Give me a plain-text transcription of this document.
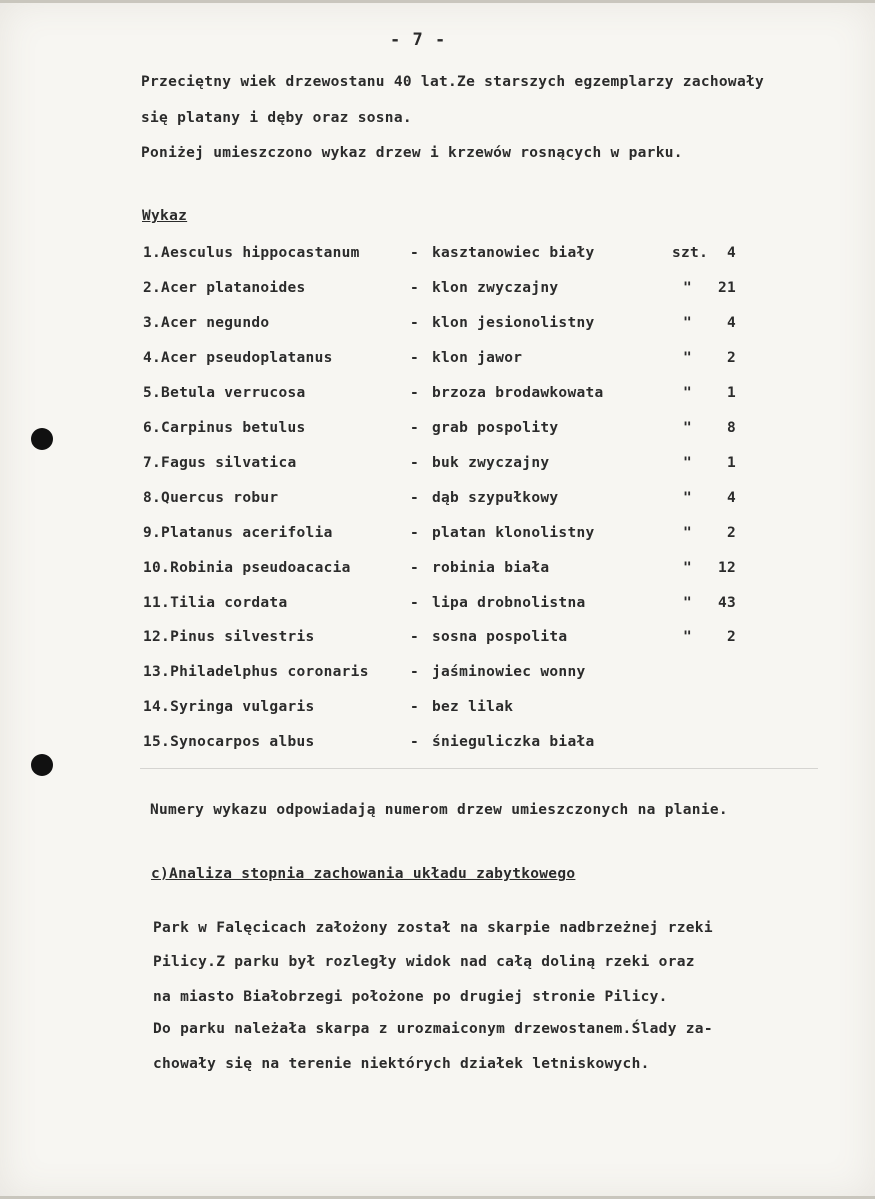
- 7 -
Przeciętny wiek drzewostanu 40 lat.Ze starszych egzemplarzy zachowały
się platany i dęby oraz sosna.
Poniżej umieszczono wykaz drzew i krzewów rosnących w parku.
Wykaz
1.Aesculus hippocastanum	- kasztanowiec biały	szt.	4
2.Acer platanoides	- klon zwyczajny	"	21
3.Acer negundo	- klon jesionolistny	"	4
4.Acer pseudoplatanus	- klon jawor	"	2
5.Betula verrucosa	- brzoza brodawkowata	"	1
6.Carpinus betulus	- grab pospolity	"	8
7.Fagus silvatica	- buk zwyczajny	"	1
8.Quercus robur	- dąb szypułkowy	"	4
9.Platanus acerifolia	- platan klonolistny	"	2
10.Robinia pseudoacacia	- robinia biała	"	12
11.Tilia cordata	- lipa drobnolistna	"	43
12.Pinus silvestris	- sosna pospolita	"	2
13.Philadelphus coronaris	- jaśminowiec wonny
14.Syringa vulgaris	- bez lilak
15.Synocarpos albus	- śnieguliczka biała
Numery wykazu odpowiadają numerom drzew umieszczonych na planie.
c)Analiza stopnia zachowania układu zabytkowego
Park w Falęcicach założony został na skarpie nadbrzeżnej rzeki
Pilicy.Z parku był rozległy widok nad całą doliną rzeki oraz
na miasto Białobrzegi położone po drugiej stronie Pilicy.
Do parku należała skarpa z urozmaiconym drzewostanem.Ślady za-
chowały się na terenie niektórych działek letniskowych.
